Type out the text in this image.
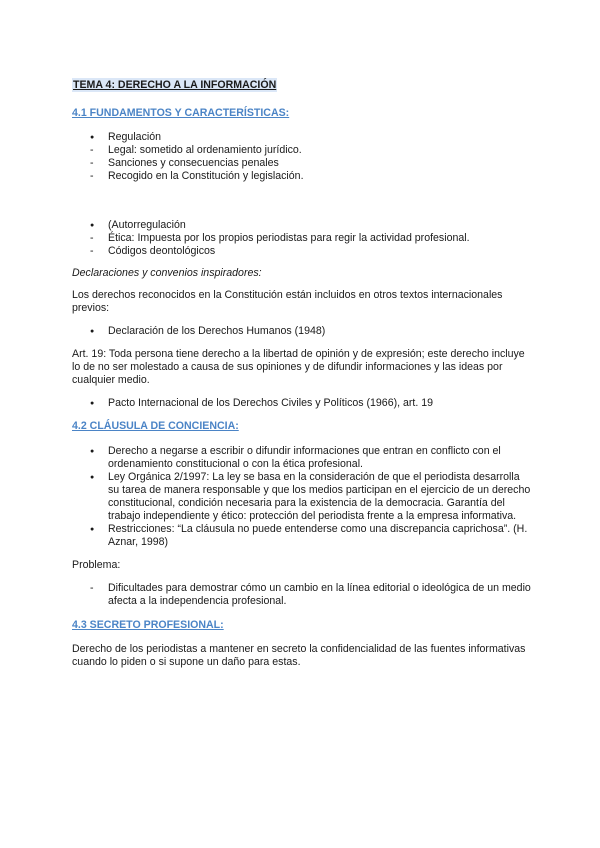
TEMA 4: DERECHO A LA INFORMACIÓN
4.1 FUNDAMENTOS Y CARACTERÍSTICAS:
●
Regulación
-
Legal: sometido al ordenamiento jurídico.
-
Sanciones y consecuencias penales
-
Recogido en la Constitución y legislación.
●
(Autorregulación
-
Ética: Impuesta por los propios periodistas para regir la actividad profesional.
-
Códigos deontológicos

Declaraciones y convenios inspiradores:

Los derechos reconocidos en la Constitución están incluidos en otros textos internacionales previos:

●
Declaración de los Derechos Humanos (1948)

Art. 19: Toda persona tiene derecho a la libertad de opinión y de expresión; este derecho incluye lo de no ser molestado a causa de sus opiniones y de difundir informaciones y las ideas por cualquier medio.

●
Pacto Internacional de los Derechos Civiles y Políticos (1966), art. 19
4.2 CLÁUSULA DE CONCIENCIA:
●
Derecho a negarse a escribir o difundir informaciones que entran en conflicto con el ordenamiento constitucional o con la ética profesional.
●
Ley Orgánica 2/1997: La ley se basa en la consideración de que el periodista desarrolla su tarea de manera responsable y que los medios participan en el ejercicio de un derecho constitucional, condición necesaria para la existencia de la democracia. Garantía del trabajo independiente y ético: protección del periodista frente a la empresa informativa.
●
Restricciones: “La cláusula no puede entenderse como una discrepancia caprichosa”. (H. Aznar, 1998)

Problema:

-
Dificultades para demostrar cómo un cambio en la línea editorial o ideológica de un medio afecta a la independencia profesional.
4.3 SECRETO PROFESIONAL:

Derecho de los periodistas a mantener en secreto la confidencialidad de las fuentes informativas cuando lo piden o si supone un daño para estas.
